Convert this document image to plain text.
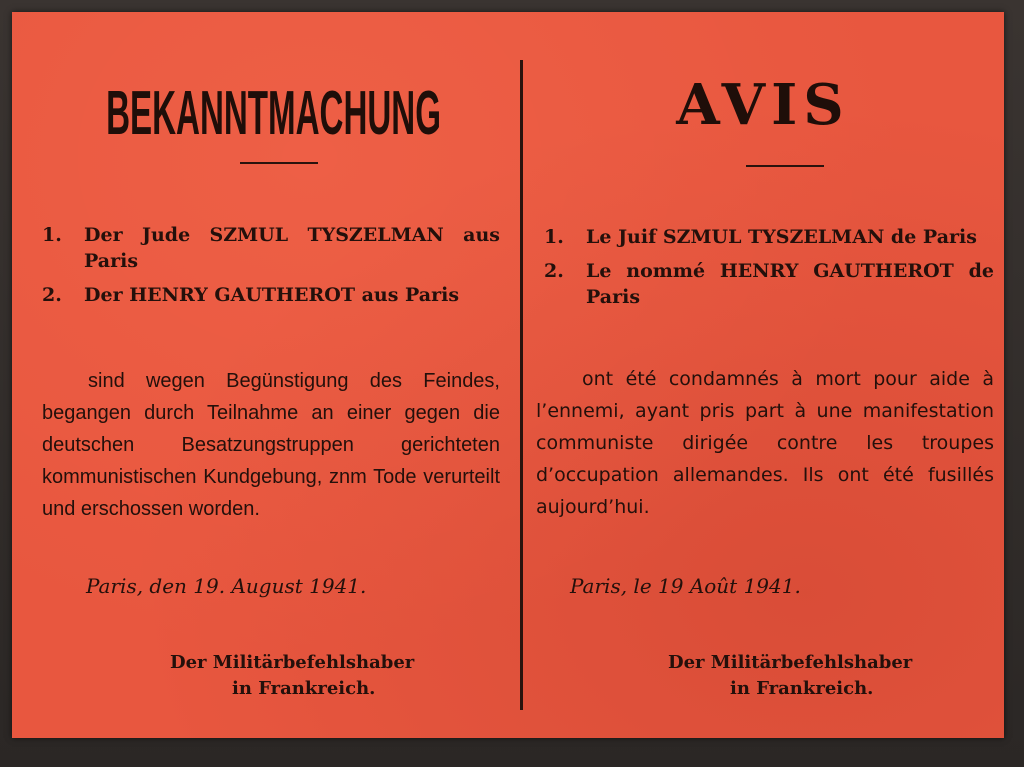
BEKANNTMACHUNG
1. Der Jude SZMUL TYSZELMAN aus Paris
2. Der HENRY GAUTHEROT aus Paris
sind wegen Begünstigung des Feindes, begangen durch Teilnahme an einer gegen die deutschen Besatzungstruppen gerichteten kommunistischen Kundgebung, znm Tode verurteilt und erschossen worden.
Paris, den 19. August 1941.
Der Militärbefehlshaber
in Frankreich.
AVIS
1. Le Juif SZMUL TYSZELMAN de Paris
2. Le nommé HENRY GAUTHEROT de Paris
ont été condamnés à mort pour aide à l’ennemi, ayant pris part à une manifestation communiste dirigée contre les troupes d’occupation allemandes. Ils ont été fusillés aujourd’hui.
Paris, le 19 Août 1941.
Der Militärbefehlshaber
in Frankreich.
